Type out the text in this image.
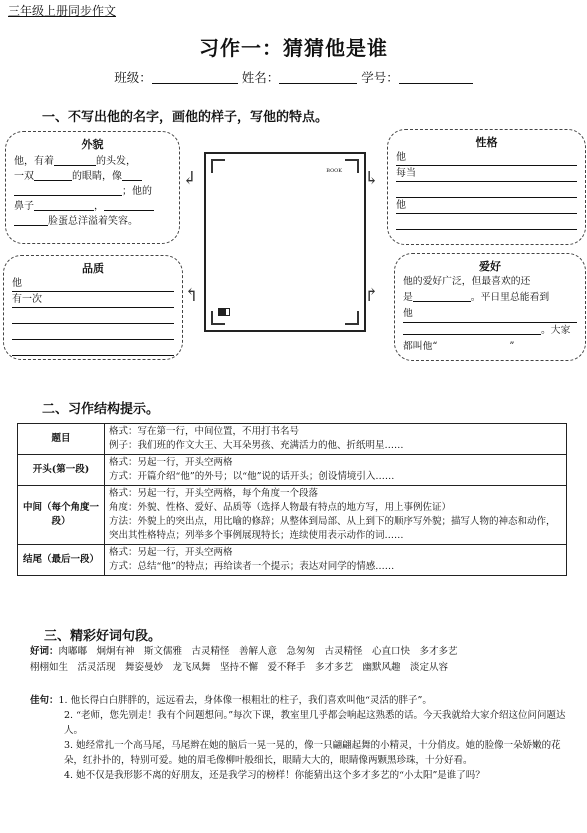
三年级上册同步作文
习作一：猜猜他是谁
班级：	姓名：	学号：
一、不写出他的名字，画他的样子，写他的特点。
外貌
他，有着	的头发，
一双	的眼睛，像
；他的
鼻子	，
脸蛋总洋溢着笑容。
性格
他
每当
他
品质
他
有一次
爱好
他的爱好广泛，但最喜欢的还
是	。平日里总能看到
他
。大家
都叫他“	”
BOOK
↲	↳
↰	↱
二、习作结构提示。
题目	格式：写在第一行，中间位置，不用打书名号
例子：我们班的作文大王、大耳朵男孩、充满活力的他、折纸明星……

开头(第一段)	格式：另起一行，开头空两格
方式：开篇介绍“他”的外号；以“他”说的话开头；创设情境引入……

中间（每个角度一段）	格式：另起一行，开头空两格，每个角度一个段落
角度：外貌、性格、爱好、品质等（选择人物最有特点的地方写，用上事例佐证）
方法：外貌上的突出点，用比喻的修辞；从整体到局部、从上到下的顺序写外貌；描写人物的神态和动作，突出其性格特点；列举多个事例展现特长；连续使用表示动作的词……

结尾（最后一段）	格式：另起一行，开头空两格
方式：总结“他”的特点；再给读者一个提示；表达对同学的情感……
三、精彩好词句段。
好词：肉嘟嘟　炯炯有神　斯文儒雅　古灵精怪　善解人意　急匆匆　古灵精怪　心直口快　多才多艺
栩栩如生　活灵活现　舞姿曼妙　龙飞凤舞　坚持不懈　爱不释手　多才多艺　幽默风趣　淡定从容

佳句：1. 他长得白白胖胖的，远远看去，身体像一根粗壮的柱子，我们喜欢叫他“灵活的胖子”。

2. “老师，您先别走！我有个问题想问。”每次下课，教室里几乎都会响起这熟悉的话。今天我就给大家介绍这位问问题达人。

3. 她经常扎一个高马尾，马尾辫在她的脑后一晃一晃的，像一只翩翩起舞的小精灵，十分俏皮。她的脸像一朵娇嫩的花朵，红扑扑的，特别可爱。她的眉毛像柳叶般细长，眼睛大大的，眼睛像两颗黑珍珠，十分好看。

4. 她不仅是我形影不离的好朋友，还是我学习的榜样！你能猜出这个多才多艺的“小太阳”是谁了吗？
